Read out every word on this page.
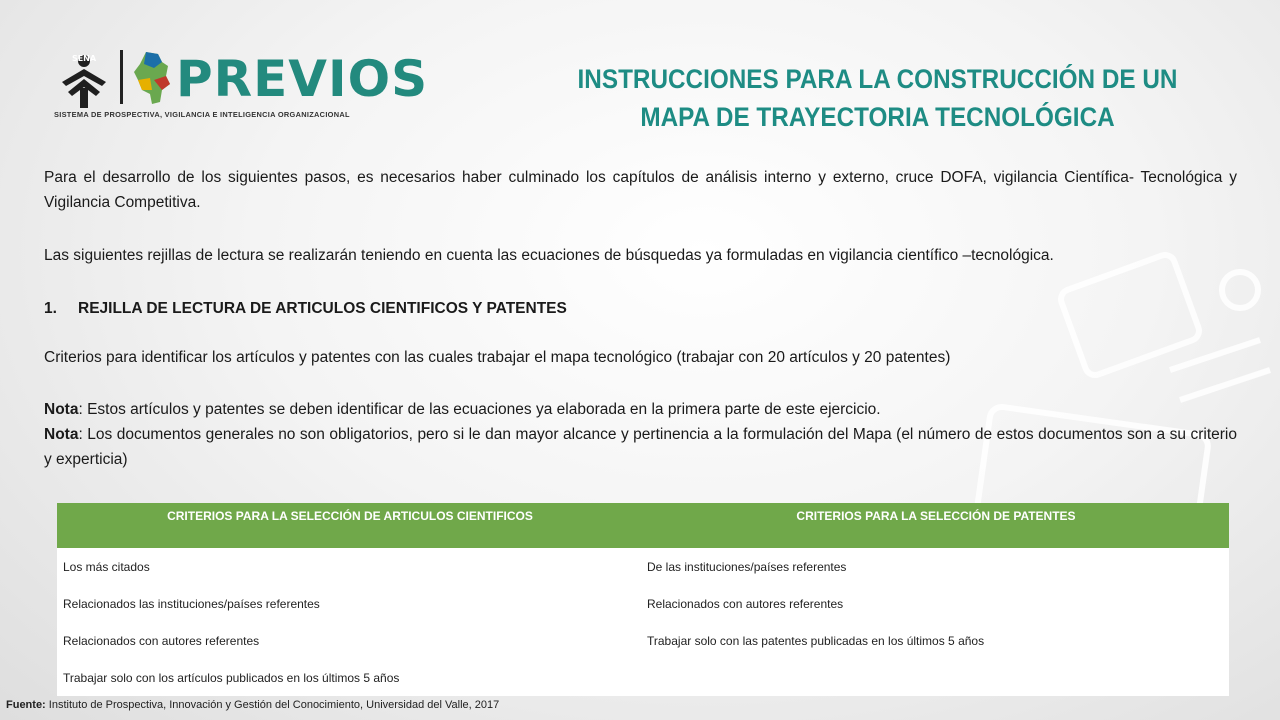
SENA PREVIOS
SISTEMA DE PROSPECTIVA, VIGILANCIA E INTELIGENCIA ORGANIZACIONAL
INSTRUCCIONES PARA LA CONSTRUCCIÓN DE UN
MAPA DE TRAYECTORIA TECNOLÓGICA
Para el desarrollo de los siguientes pasos, es necesarios haber culminado los capítulos de análisis interno y externo, cruce DOFA, vigilancia Científica- Tecnológica y Vigilancia Competitiva.
Las siguientes rejillas de lectura se realizarán teniendo en cuenta las ecuaciones de búsquedas ya formuladas en vigilancia científico –tecnológica.
1. REJILLA DE LECTURA DE ARTICULOS CIENTIFICOS Y PATENTES
Criterios para identificar los artículos y patentes con las cuales trabajar el mapa tecnológico (trabajar con 20 artículos y 20 patentes)
Nota: Estos artículos y patentes se deben identificar de las ecuaciones ya elaborada en la primera parte de este ejercicio.
Nota: Los documentos generales no son obligatorios, pero si le dan mayor alcance y pertinencia a la formulación del Mapa (el número de estos documentos son a su criterio y experticia)
CRITERIOS PARA LA SELECCIÓN DE ARTICULOS CIENTIFICOS	CRITERIOS PARA LA SELECCIÓN DE PATENTES
Los más citados	De las instituciones/países referentes
Relacionados las instituciones/países referentes	Relacionados con autores referentes
Relacionados con autores referentes	Trabajar solo con las patentes publicadas en los últimos 5 años
Trabajar solo con los artículos publicados en los últimos 5 años	
Fuente: Instituto de Prospectiva, Innovación y Gestión del Conocimiento, Universidad del Valle, 2017
